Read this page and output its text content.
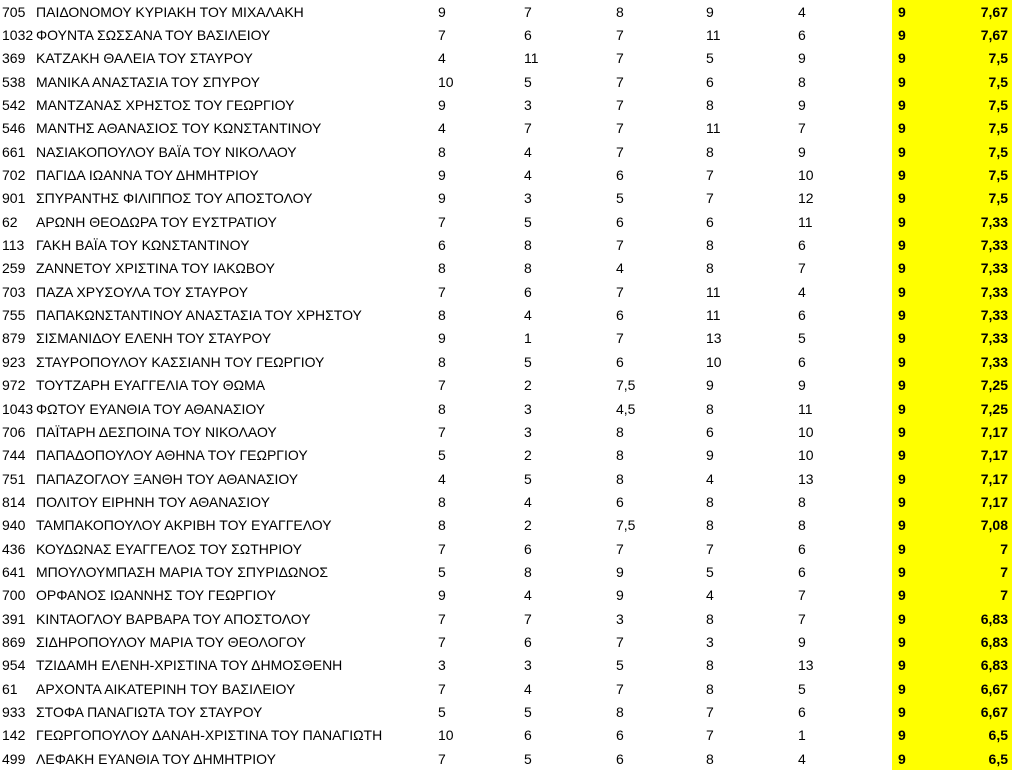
705	ΠΑΙΔΟΝΟΜΟΥ ΚΥΡΙΑΚΗ ΤΟΥ ΜΙΧΑΛΑΚΗ	9	7	8	9	4	9	7,67
1032	ΦΟΥΝΤΑ ΣΩΣΣΑΝΑ ΤΟΥ ΒΑΣΙΛΕΙΟΥ	7	6	7	11	6	9	7,67
369	ΚΑΤΖΑΚΗ ΘΑΛΕΙΑ ΤΟΥ ΣΤΑΥΡΟΥ	4	11	7	5	9	9	7,5
538	ΜΑΝΙΚΑ ΑΝΑΣΤΑΣΙΑ ΤΟΥ ΣΠΥΡΟΥ	10	5	7	6	8	9	7,5
542	ΜΑΝΤΖΑΝΑΣ ΧΡΗΣΤΟΣ ΤΟΥ ΓΕΩΡΓΙΟΥ	9	3	7	8	9	9	7,5
546	ΜΑΝΤΗΣ ΑΘΑΝΑΣΙΟΣ ΤΟΥ ΚΩΝΣΤΑΝΤΙΝΟΥ	4	7	7	11	7	9	7,5
661	ΝΑΣΙΑΚΟΠΟΥΛΟΥ ΒΑΪΑ ΤΟΥ ΝΙΚΟΛΑΟΥ	8	4	7	8	9	9	7,5
702	ΠΑΓΙΔΑ ΙΩΑΝΝΑ ΤΟΥ ΔΗΜΗΤΡΙΟΥ	9	4	6	7	10	9	7,5
901	ΣΠΥΡΑΝΤΗΣ ΦΙΛΙΠΠΟΣ ΤΟΥ ΑΠΟΣΤΟΛΟΥ	9	3	5	7	12	9	7,5
62	ΑΡΩΝΗ ΘΕΟΔΩΡΑ ΤΟΥ ΕΥΣΤΡΑΤΙΟΥ	7	5	6	6	11	9	7,33
113	ΓΑΚΗ ΒΑΪΑ ΤΟΥ ΚΩΝΣΤΑΝΤΙΝΟΥ	6	8	7	8	6	9	7,33
259	ΖΑΝΝΕΤΟΥ ΧΡΙΣΤΙΝΑ ΤΟΥ ΙΑΚΩΒΟΥ	8	8	4	8	7	9	7,33
703	ΠΑΖΑ ΧΡΥΣΟΥΛΑ ΤΟΥ ΣΤΑΥΡΟΥ	7	6	7	11	4	9	7,33
755	ΠΑΠΑΚΩΝΣΤΑΝΤΙΝΟΥ ΑΝΑΣΤΑΣΙΑ ΤΟΥ ΧΡΗΣΤΟΥ	8	4	6	11	6	9	7,33
879	ΣΙΣΜΑΝΙΔΟΥ ΕΛΕΝΗ ΤΟΥ ΣΤΑΥΡΟΥ	9	1	7	13	5	9	7,33
923	ΣΤΑΥΡΟΠΟΥΛΟΥ ΚΑΣΣΙΑΝΗ ΤΟΥ ΓΕΩΡΓΙΟΥ	8	5	6	10	6	9	7,33
972	ΤΟΥΤΖΑΡΗ ΕΥΑΓΓΕΛΙΑ ΤΟΥ ΘΩΜΑ	7	2	7,5	9	9	9	7,25
1043	ΦΩΤΟΥ ΕΥΑΝΘΙΑ ΤΟΥ ΑΘΑΝΑΣΙΟΥ	8	3	4,5	8	11	9	7,25
706	ΠΑΪΤΑΡΗ ΔΕΣΠΟΙΝΑ ΤΟΥ ΝΙΚΟΛΑΟΥ	7	3	8	6	10	9	7,17
744	ΠΑΠΑΔΟΠΟΥΛΟΥ ΑΘΗΝΑ ΤΟΥ ΓΕΩΡΓΙΟΥ	5	2	8	9	10	9	7,17
751	ΠΑΠΑΖΟΓΛΟΥ ΞΑΝΘΗ ΤΟΥ ΑΘΑΝΑΣΙΟΥ	4	5	8	4	13	9	7,17
814	ΠΟΛΙΤΟΥ ΕΙΡΗΝΗ ΤΟΥ ΑΘΑΝΑΣΙΟΥ	8	4	6	8	8	9	7,17
940	ΤΑΜΠΑΚΟΠΟΥΛΟΥ ΑΚΡΙΒΗ ΤΟΥ ΕΥΑΓΓΕΛΟΥ	8	2	7,5	8	8	9	7,08
436	ΚΟΥΔΩΝΑΣ ΕΥΑΓΓΕΛΟΣ ΤΟΥ ΣΩΤΗΡΙΟΥ	7	6	7	7	6	9	7
641	ΜΠΟΥΛΟΥΜΠΑΣΗ ΜΑΡΙΑ ΤΟΥ ΣΠΥΡΙΔΩΝΟΣ	5	8	9	5	6	9	7
700	ΟΡΦΑΝΟΣ ΙΩΑΝΝΗΣ ΤΟΥ ΓΕΩΡΓΙΟΥ	9	4	9	4	7	9	7
391	ΚΙΝΤΑΟΓΛΟΥ ΒΑΡΒΑΡΑ ΤΟΥ ΑΠΟΣΤΟΛΟΥ	7	7	3	8	7	9	6,83
869	ΣΙΔΗΡΟΠΟΥΛΟΥ ΜΑΡΙΑ ΤΟΥ ΘΕΟΛΟΓΟΥ	7	6	7	3	9	9	6,83
954	ΤΖΙΔΑΜΗ ΕΛΕΝΗ-ΧΡΙΣΤΙΝΑ ΤΟΥ ΔΗΜΟΣΘΕΝΗ	3	3	5	8	13	9	6,83
61	ΑΡΧΟΝΤΑ ΑΙΚΑΤΕΡΙΝΗ ΤΟΥ ΒΑΣΙΛΕΙΟΥ	7	4	7	8	5	9	6,67
933	ΣΤΟΦΑ ΠΑΝΑΓΙΩΤΑ ΤΟΥ ΣΤΑΥΡΟΥ	5	5	8	7	6	9	6,67
142	ΓΕΩΡΓΟΠΟΥΛΟΥ ΔΑΝΑΗ-ΧΡΙΣΤΙΝΑ ΤΟΥ ΠΑΝΑΓΙΩΤΗ	10	6	6	7	1	9	6,5
499	ΛΕΦΑΚΗ ΕΥΑΝΘΙΑ ΤΟΥ ΔΗΜΗΤΡΙΟΥ	7	5	6	8	4	9	6,5
